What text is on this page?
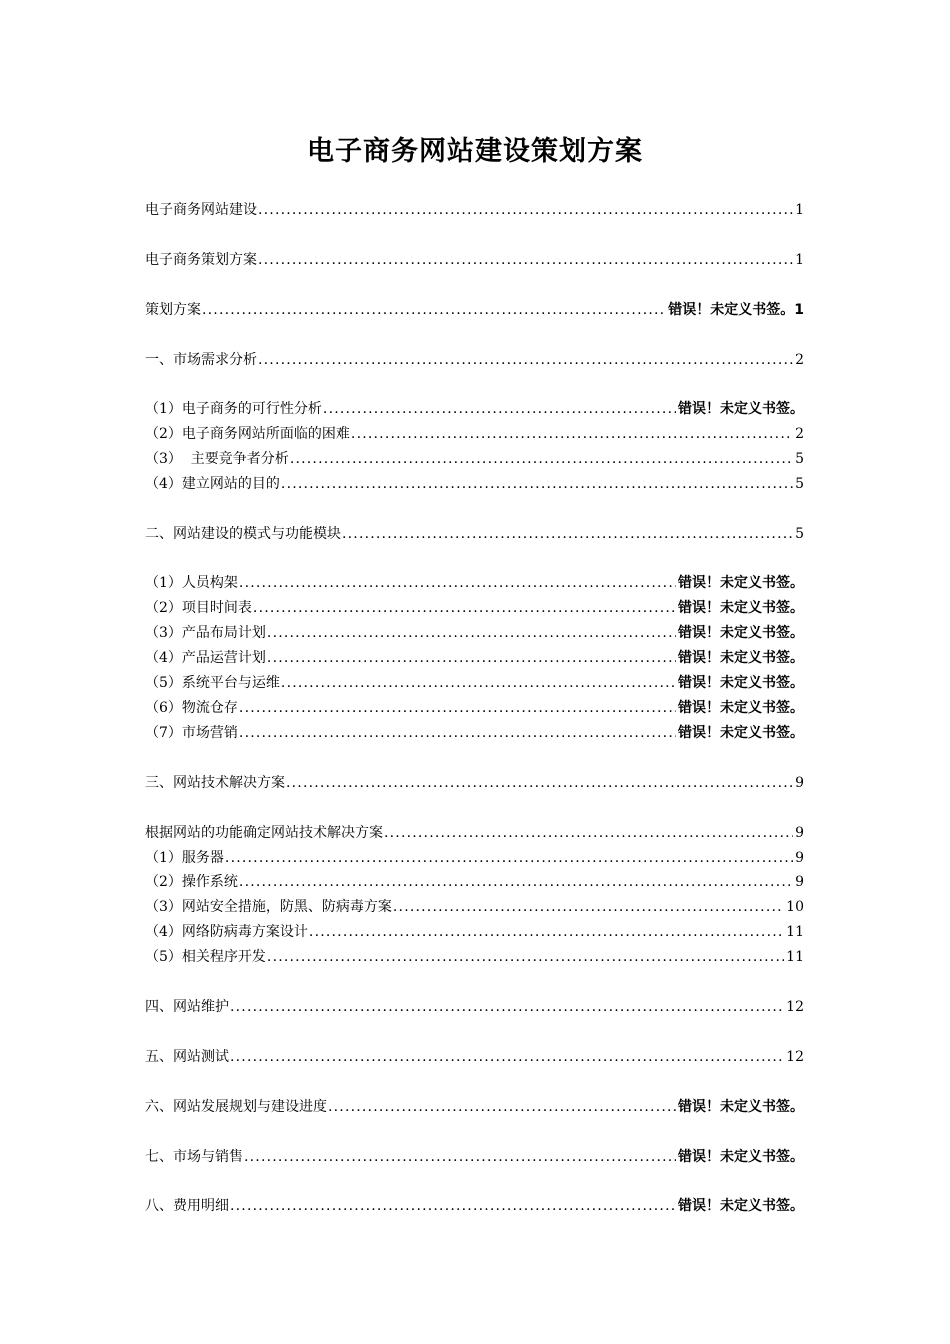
电子商务网站建设策划方案
电子商务网站建设 .....	1
电子商务策划方案 .....	1
策划方案 .....	错误！未定义书签。1
一、市场需求分析 .....	2
（1）电子商务的可行性分析 .....	错误！未定义书签。
（2）电子商务网站所面临的困难 .....	2
（3）  主要竞争者分析 .....	5
（4）建立网站的目的 .....	5
二、网站建设的模式与功能模块 .....	5
（1）人员构架 .....	错误！未定义书签。
（2）项目时间表 .....	错误！未定义书签。
（3）产品布局计划 .....	错误！未定义书签。
（4）产品运营计划 .....	错误！未定义书签。
（5）系统平台与运维 .....	错误！未定义书签。
（6）物流仓存 .....	错误！未定义书签。
（7）市场营销 .....	错误！未定义书签。
三、网站技术解决方案 .....	9
根据网站的功能确定网站技术解决方案 .....	9
（1）服务器 .....	9
（2）操作系统 .....	9
（3）网站安全措施，防黑、防病毒方案 .....	10
（4）网络防病毒方案设计 .....	11
（5）相关程序开发 .....	11
四、网站维护 .....	12
五、网站测试 .....	12
六、网站发展规划与建设进度 .....	错误！未定义书签。
七、市场与销售 .....	错误！未定义书签。
八、费用明细 .....	错误！未定义书签。
